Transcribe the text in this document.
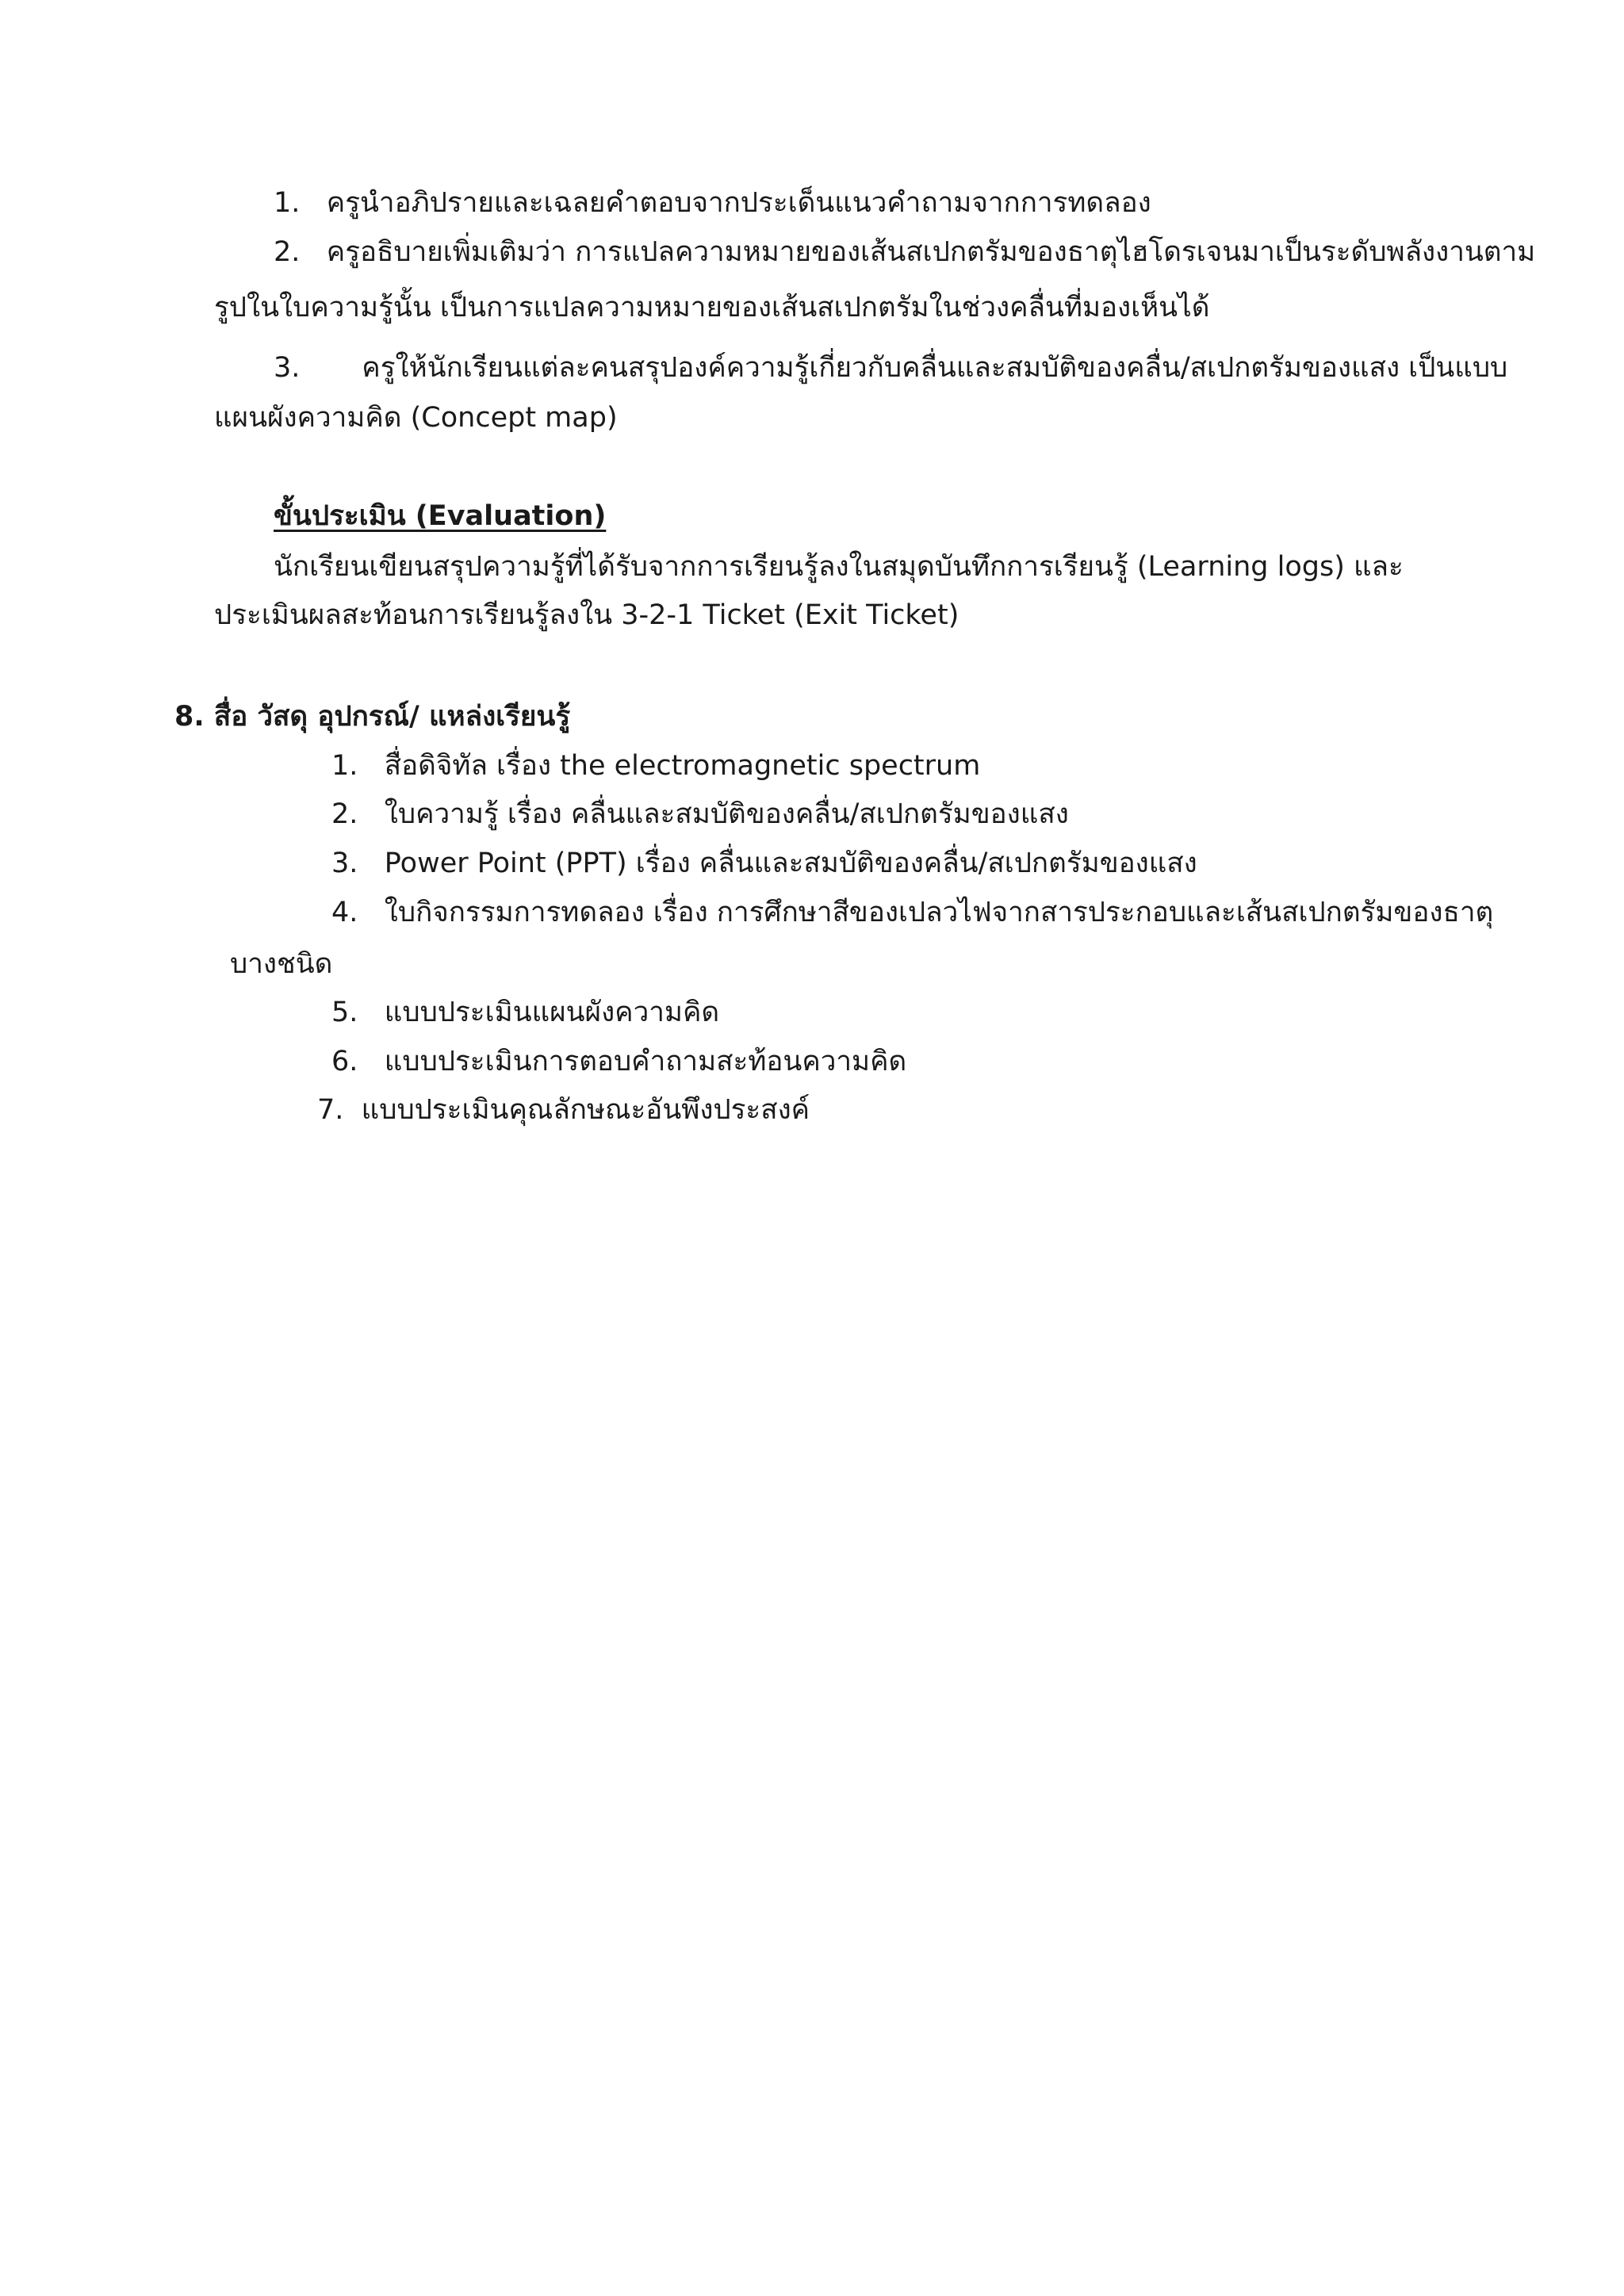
1. ครูนำอภิปรายและเฉลยคำตอบจากประเด็นแนวคำถามจากการทดลอง
2. ครูอธิบายเพิ่มเติมว่า การแปลความหมายของเส้นสเปกตรัมของธาตุไฮโดรเจนมาเป็นระดับพลังงานตาม
รูปในใบความรู้นั้น เป็นการแปลความหมายของเส้นสเปกตรัมในช่วงคลื่นที่มองเห็นได้
3. ครูให้นักเรียนแต่ละคนสรุปองค์ความรู้เกี่ยวกับคลื่นและสมบัติของคลื่น/สเปกตรัมของแสง เป็นแบบ
แผนผังความคิด (Concept map)
ขั้นประเมิน (Evaluation)
นักเรียนเขียนสรุปความรู้ที่ได้รับจากการเรียนรู้ลงในสมุดบันทึกการเรียนรู้ (Learning logs) และ
ประเมินผลสะท้อนการเรียนรู้ลงใน 3-2-1 Ticket (Exit Ticket)
8. สื่อ วัสดุ อุปกรณ์/ แหล่งเรียนรู้
1. สื่อดิจิทัล เรื่อง the electromagnetic spectrum
2. ใบความรู้ เรื่อง คลื่นและสมบัติของคลื่น/สเปกตรัมของแสง
3. Power Point (PPT) เรื่อง คลื่นและสมบัติของคลื่น/สเปกตรัมของแสง
4. ใบกิจกรรมการทดลอง เรื่อง การศึกษาสีของเปลวไฟจากสารประกอบและเส้นสเปกตรัมของธาตุ
บางชนิด
5. แบบประเมินแผนผังความคิด
6. แบบประเมินการตอบคำถามสะท้อนความคิด
7. แบบประเมินคุณลักษณะอันพึงประสงค์
